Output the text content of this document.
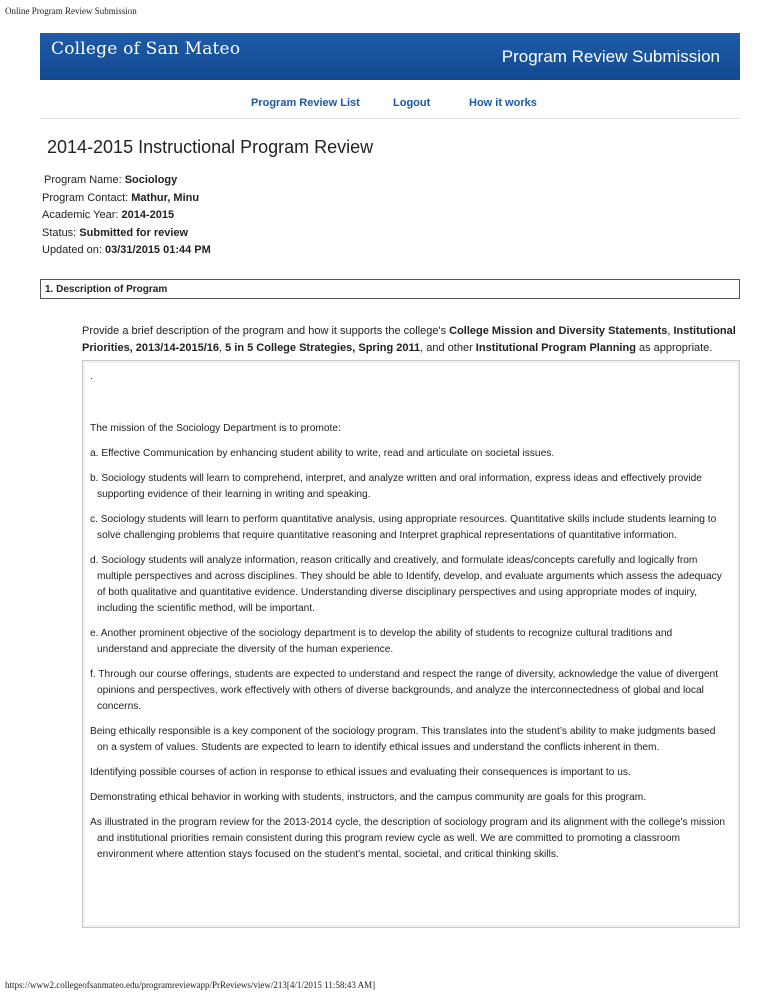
Online Program Review Submission
College of San Mateo	Program Review Submission
Program Review List	Logout	How it works
2014-2015 Instructional Program Review
Program Name: Sociology
Program Contact: Mathur, Minu
Academic Year: 2014-2015
Status: Submitted for review
Updated on: 03/31/2015 01:44 PM
1. Description of Program
Provide a brief description of the program and how it supports the college's College Mission and Diversity Statements, Institutional Priorities, 2013/14-2015/16, 5 in 5 College Strategies, Spring 2011, and other Institutional Program Planning as appropriate.

.

The mission of the Sociology Department is to promote:

a. Effective Communication by enhancing student ability to write, read and articulate on societal issues.

b. Sociology students will learn to comprehend, interpret, and analyze written and oral information, express ideas and effectively provide
supporting evidence of their learning in writing and speaking.

c. Sociology students will learn to perform quantitative analysis, using appropriate resources. Quantitative skills include students learning to
solve challenging problems that require quantitative reasoning and Interpret graphical representations of quantitative information.

d. Sociology students will analyze information, reason critically and creatively, and formulate ideas/concepts carefully and logically from
multiple perspectives and across disciplines. They should be able to Identify, develop, and evaluate arguments which assess the adequacy of both qualitative and quantitative evidence. Understanding diverse disciplinary perspectives and using appropriate modes of inquiry, including the scientific method, will be important.

e. Another prominent objective of the sociology department is to develop the ability of students to recognize cultural traditions and
understand and appreciate the diversity of the human experience.

f. Through our course offerings, students are expected to understand and respect the range of diversity, acknowledge the value of divergent
opinions and perspectives, work effectively with others of diverse backgrounds, and analyze the interconnectedness of global and local concerns.

Being ethically responsible is a key component of the sociology program. This translates into the student’s ability to make judgments based
on a system of values. Students are expected to learn to identify ethical issues and understand the conflicts inherent in them.

Identifying possible courses of action in response to ethical issues and evaluating their consequences is important to us.

Demonstrating ethical behavior in working with students, instructors, and the campus community are goals for this program.

As illustrated in the program review for the 2013-2014 cycle, the description of sociology program and its alignment with the college's mission
and institutional priorities remain consistent during this program review cycle as well. We are committed to promoting a classroom environment where attention stays focused on the student's mental, societal, and critical thinking skills.

https://www2.collegeofsanmateo.edu/programreviewapp/PrReviews/view/213[4/1/2015 11:58:43 AM]
